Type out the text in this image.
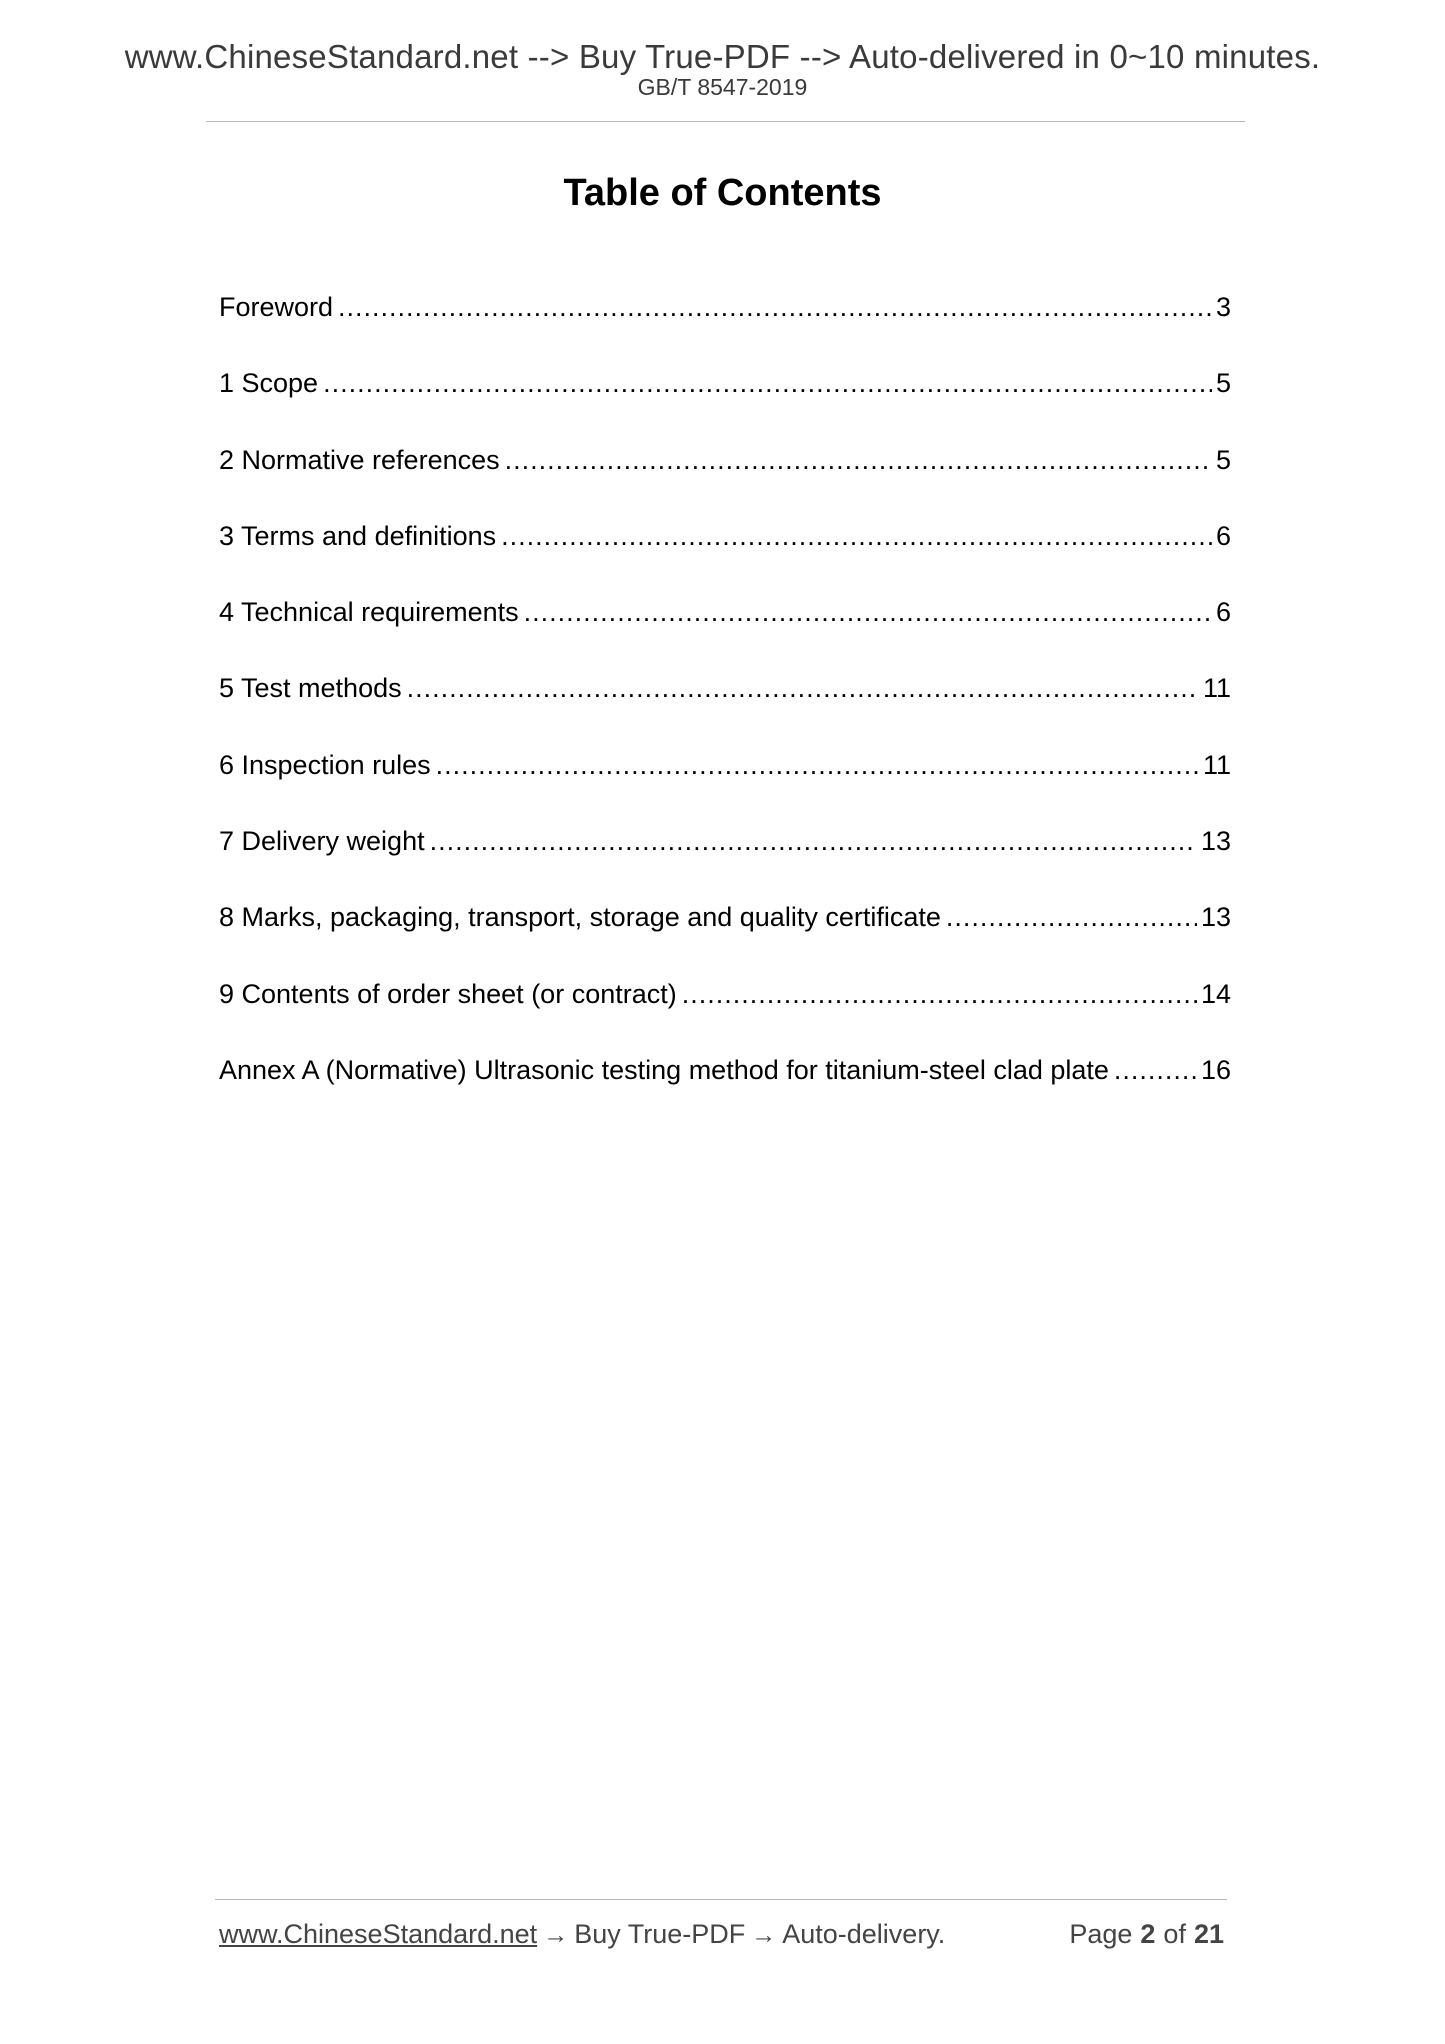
www.ChineseStandard.net --> Buy True-PDF --> Auto-delivered in 0~10 minutes.
GB/T 8547-2019
Table of Contents
Foreword .....	3
1 Scope .....	5
2 Normative references .....	5
3 Terms and definitions .....	6
4 Technical requirements .....	6
5 Test methods .....	11
6 Inspection rules .....	11
7 Delivery weight .....	13
8 Marks, packaging, transport, storage and quality certificate .....	13
9 Contents of order sheet (or contract) .....	14
Annex A (Normative) Ultrasonic testing method for titanium-steel clad plate .....	16
www.ChineseStandard.net → Buy True-PDF → Auto-delivery.	Page 2 of 21
